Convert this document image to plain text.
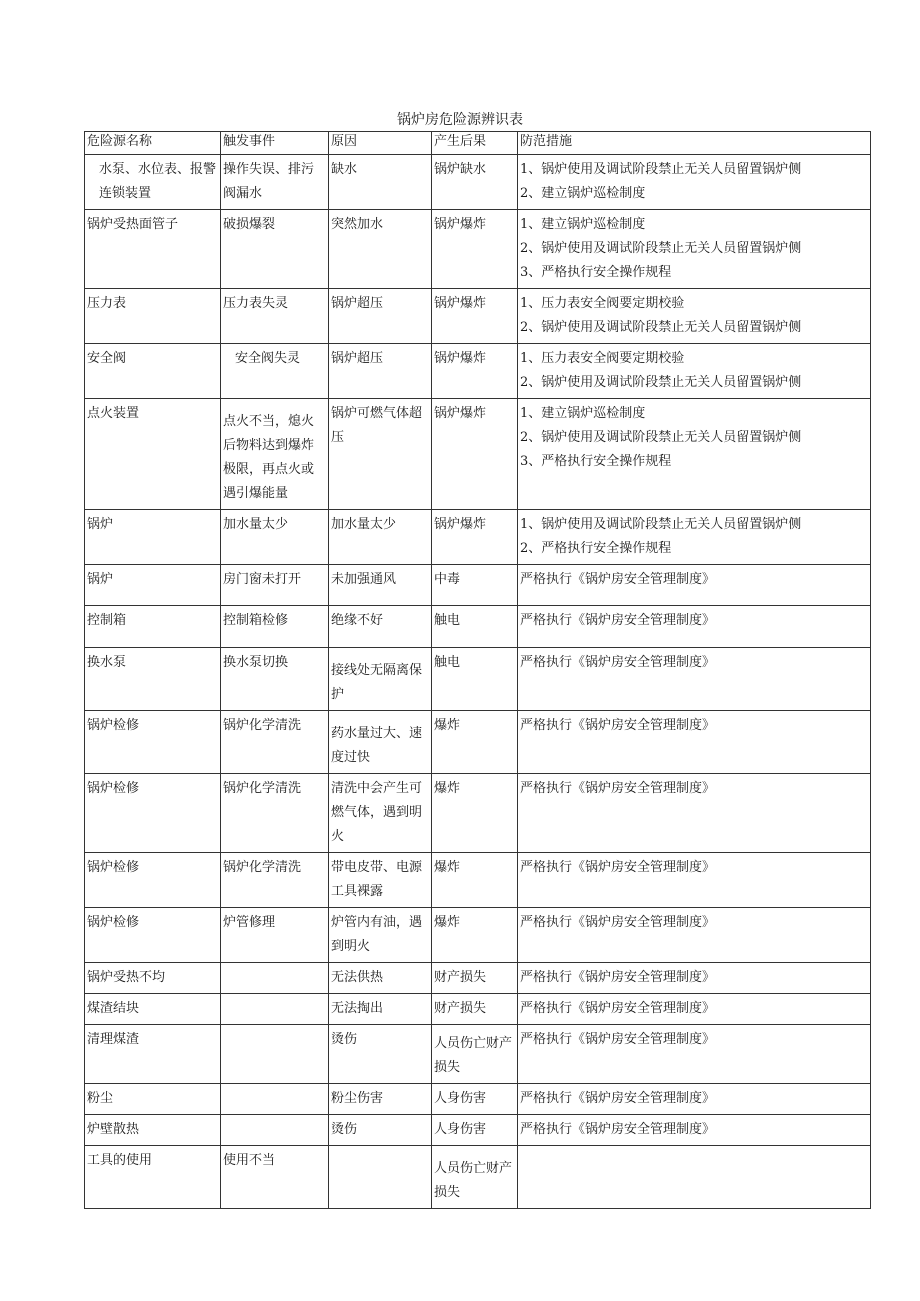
锅炉房危险源辨识表
危险源名称	触发事件	原因	产生后果	防范措施
水泵、水位表、报警连锁装置	操作失误、排污阀漏水	缺水	锅炉缺水	1、锅炉使用及调试阶段禁止无关人员留置锅炉侧
2、建立锅炉巡检制度

锅炉受热面管子	破损爆裂	突然加水	锅炉爆炸	1、建立锅炉巡检制度
2、锅炉使用及调试阶段禁止无关人员留置锅炉侧
3、严格执行安全操作规程

压力表	压力表失灵	锅炉超压	锅炉爆炸	1、压力表安全阀要定期校验
2、锅炉使用及调试阶段禁止无关人员留置锅炉侧

安全阀	安全阀失灵	锅炉超压	锅炉爆炸	1、压力表安全阀要定期校验
2、锅炉使用及调试阶段禁止无关人员留置锅炉侧

点火装置	点火不当，熄火后物料达到爆炸极限，再点火或遇引爆能量	锅炉可燃气体超压	锅炉爆炸	1、建立锅炉巡检制度
2、锅炉使用及调试阶段禁止无关人员留置锅炉侧
3、严格执行安全操作规程

锅炉	加水量太少	加水量太少	锅炉爆炸	1、锅炉使用及调试阶段禁止无关人员留置锅炉侧
2、严格执行安全操作规程

锅炉	房门窗未打开	未加强通风	中毒	严格执行《锅炉房安全管理制度》

控制箱	控制箱检修	绝缘不好	触电	严格执行《锅炉房安全管理制度》

换水泵	换水泵切换	接线处无隔离保护	触电	严格执行《锅炉房安全管理制度》

锅炉检修	锅炉化学清洗	药水量过大、速度过快	爆炸	严格执行《锅炉房安全管理制度》

锅炉检修	锅炉化学清洗	清洗中会产生可燃气体，遇到明火	爆炸	严格执行《锅炉房安全管理制度》

锅炉检修	锅炉化学清洗	带电皮带、电源工具裸露	爆炸	严格执行《锅炉房安全管理制度》

锅炉检修	炉管修理	炉管内有油，遇到明火	爆炸	严格执行《锅炉房安全管理制度》

锅炉受热不均		无法供热	财产损失	严格执行《锅炉房安全管理制度》

煤渣结块		无法掏出	财产损失	严格执行《锅炉房安全管理制度》

清理煤渣		烫伤	人员伤亡财产损失	严格执行《锅炉房安全管理制度》

粉尘		粉尘伤害	人身伤害	严格执行《锅炉房安全管理制度》

炉壁散热		烫伤	人身伤害	严格执行《锅炉房安全管理制度》

工具的使用	使用不当		人员伤亡财产损失	
